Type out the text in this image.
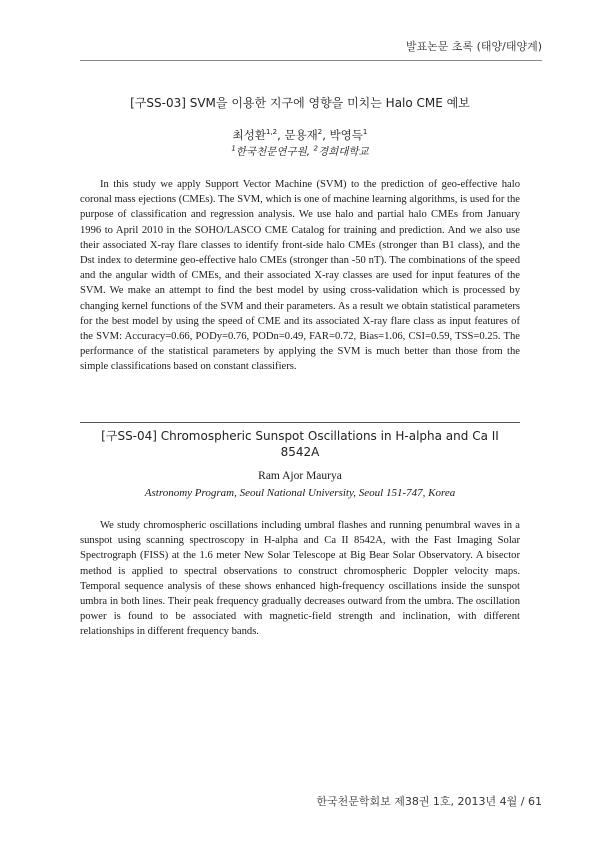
발표논문 초록 (태양/태양계)
[구SS-03] SVM을 이용한 지구에 영향을 미치는 Halo CME 예보
최성환$^{1,2}$, 문용재$^2$, 박영득$^1$
$^1$한국천문연구원, $^2$경희대학교

In this study we apply Support Vector Machine (SVM) to the prediction of geo-effective halo coronal mass ejections (CMEs). The SVM, which is one of machine learning algorithms, is used for the purpose of classification and regression analysis. We use halo and partial halo CMEs from January 1996 to April 2010 in the SOHO/LASCO CME Catalog for training and prediction. And we also use their associated X-ray flare classes to identify front-side halo CMEs (stronger than B1 class), and the Dst index to determine geo-effective halo CMEs (stronger than -50 nT). The combinations of the speed and the angular width of CMEs, and their associated X-ray classes are used for input features of the SVM. We make an attempt to find the best model by using cross-validation which is processed by changing kernel functions of the SVM and their parameters. As a result we obtain statistical parameters for the best model by using the speed of CME and its associated X-ray flare class as input features of the SVM: Accuracy=0.66, PODy=0.76, PODn=0.49, FAR=0.72, Bias=1.06, CSI=0.59, TSS=0.25. The performance of the statistical parameters by applying the SVM is much better than those from the simple classifications based on constant classifiers.

[구SS-04] Chromospheric Sunspot Oscillations in H-alpha and Ca II 8542A
Ram Ajor Maurya
Astronomy Program, Seoul National University, Seoul 151-747, Korea

We study chromospheric oscillations including umbral flashes and running penumbral waves in a sunspot using scanning spectroscopy in H-alpha and Ca II 8542A, with the Fast Imaging Solar Spectrograph (FISS) at the 1.6 meter New Solar Telescope at Big Bear Solar Observatory. A bisector method is applied to spectral observations to construct chromospheric Doppler velocity maps. Temporal sequence analysis of these shows enhanced high-frequency oscillations inside the sunspot umbra in both lines. Their peak frequency gradually decreases outward from the umbra. The oscillation power is found to be associated with magnetic-field strength and inclination, with different relationships in different frequency bands.

한국천문학회보 제38권 1호, 2013년 4월 / 61
